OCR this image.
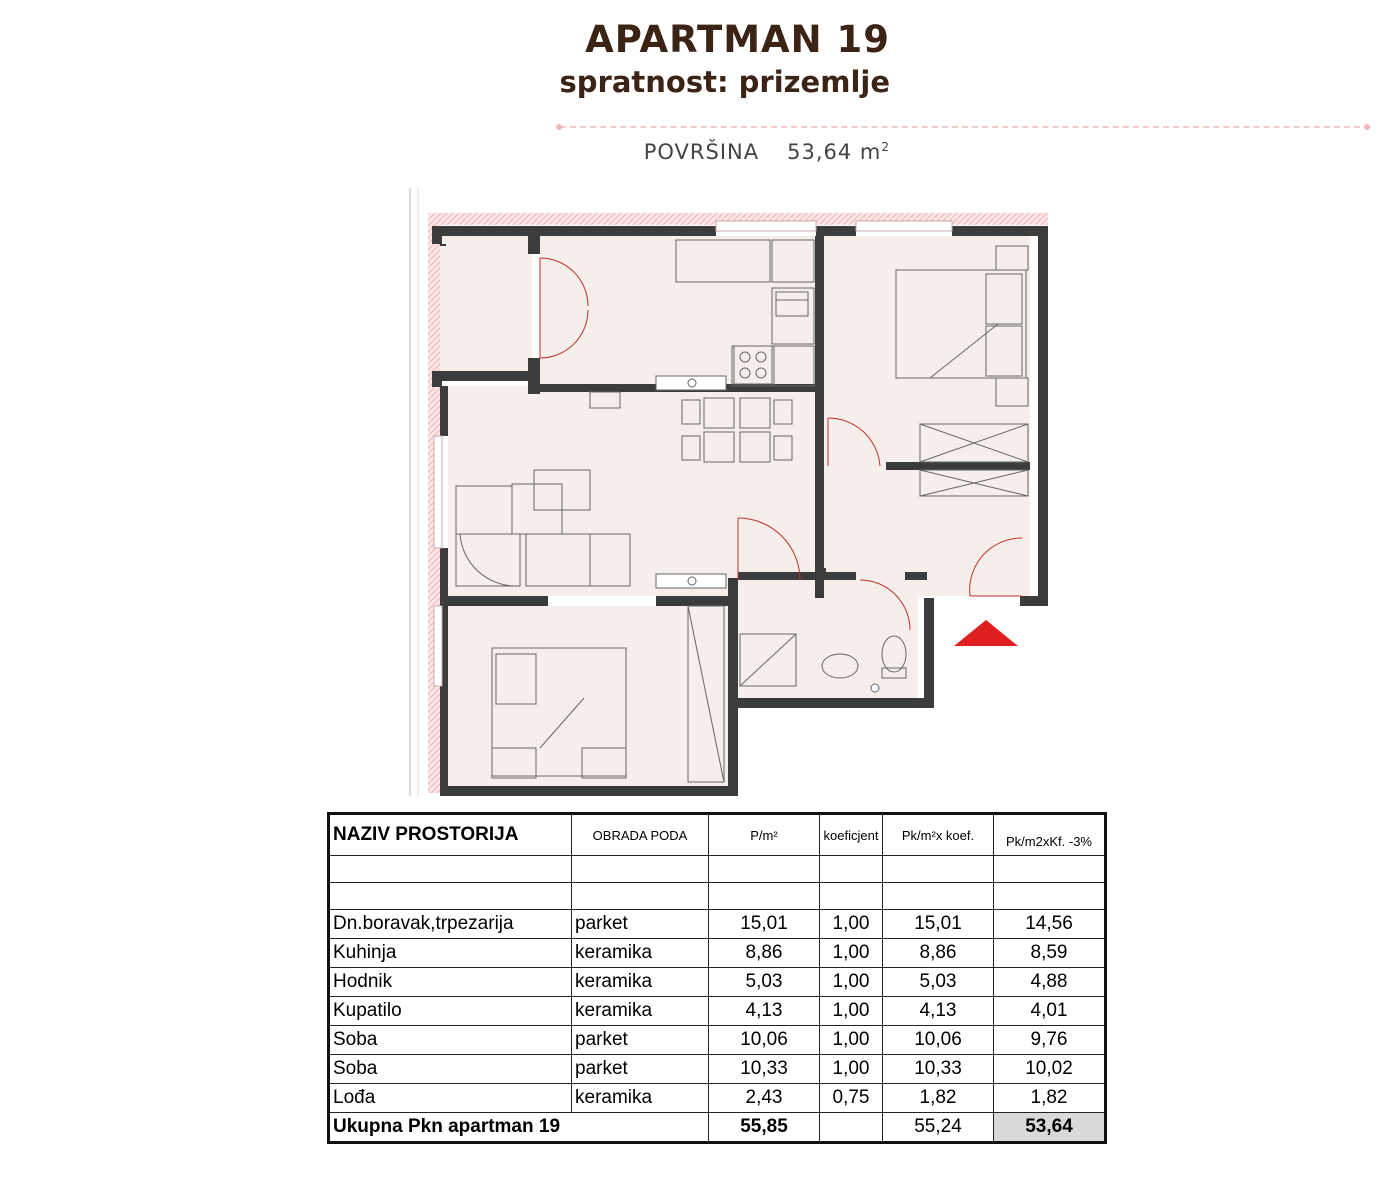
APARTMAN 19
spratnost: prizemlje
POVRŠINA 53,64 $m^2$
NAZIV PROSTORIJA	OBRADA PODA	P/m²	koeficjent	Pk/m²x koef.	Pk/m2xKf. -3%

Dn.boravak,trpezarija	parket	15,01	1,00	15,01	14,56
Kuhinja	keramika	8,86	1,00	8,86	8,59
Hodnik	keramika	5,03	1,00	5,03	4,88
Kupatilo	keramika	4,13	1,00	4,13	4,01
Soba	parket	10,06	1,00	10,06	9,76
Soba	parket	10,33	1,00	10,33	10,02
Lođa	keramika	2,43	0,75	1,82	1,82
Ukupna Pkn apartman 19		55,85		55,24	53,64
